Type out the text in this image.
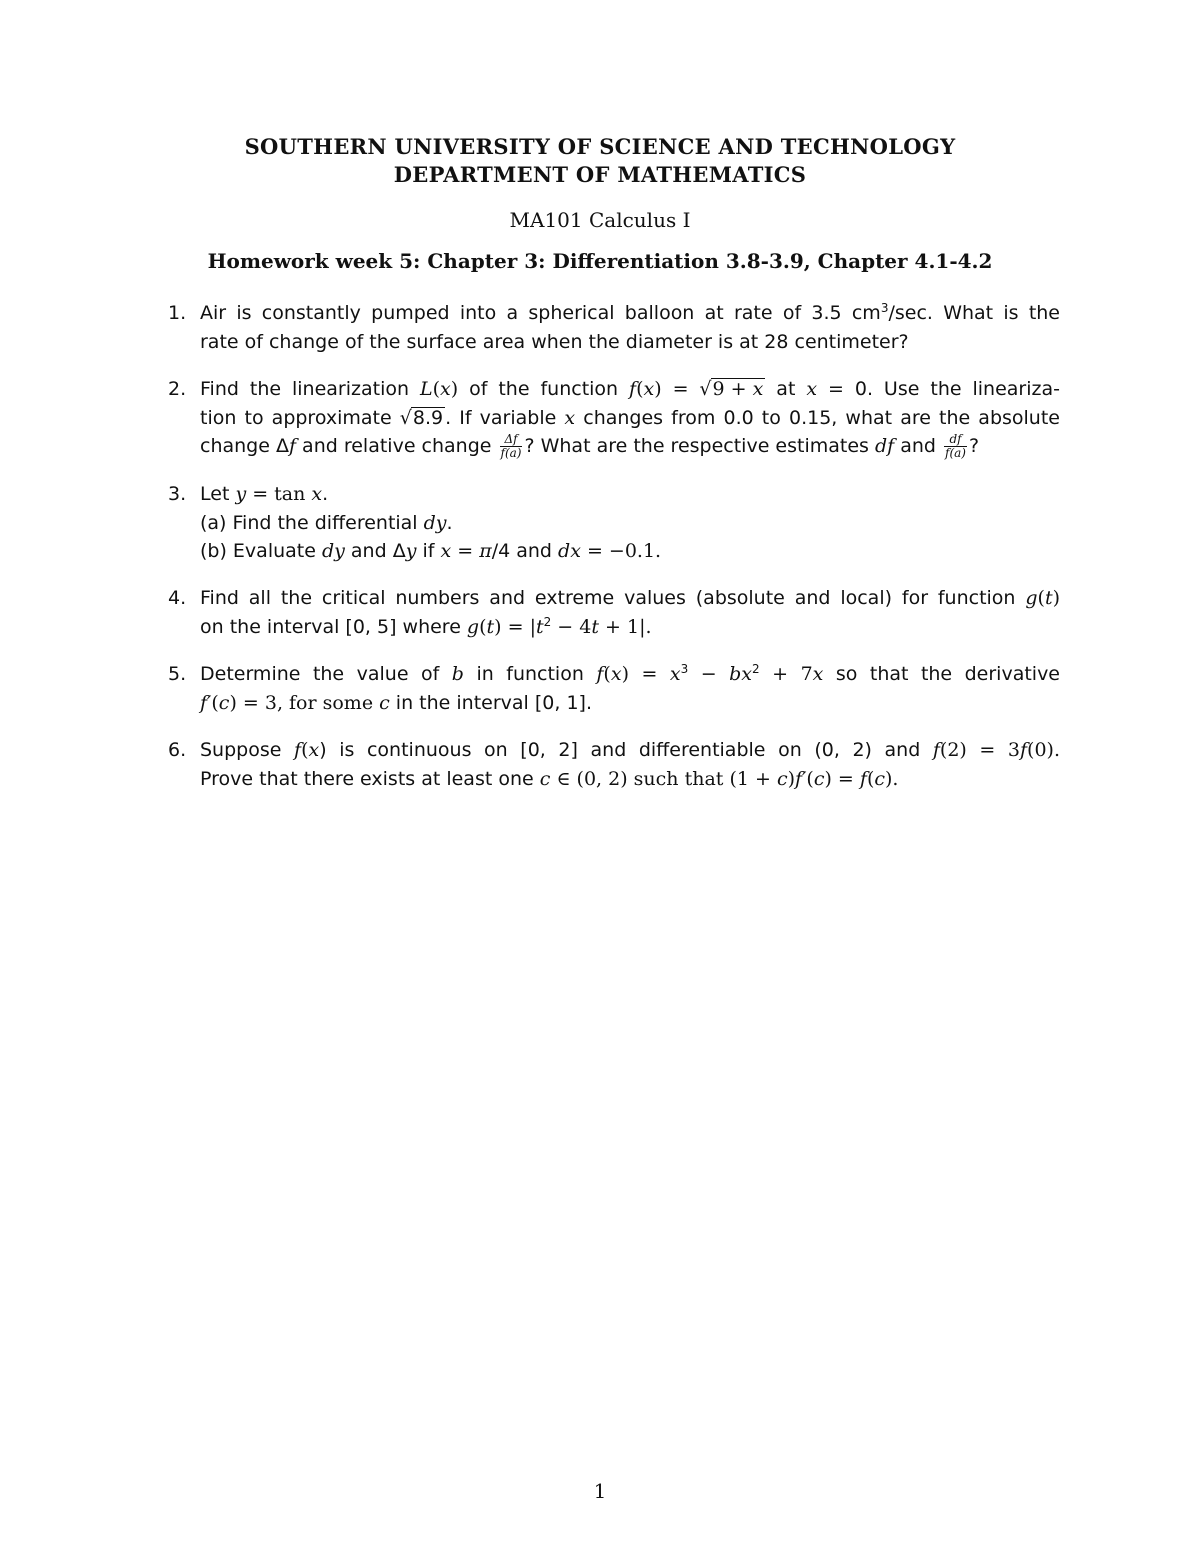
SOUTHERN UNIVERSITY OF SCIENCE AND TECHNOLOGY
DEPARTMENT OF MATHEMATICS
MA101 Calculus I
Homework week 5: Chapter 3: Differentiation 3.8-3.9, Chapter 4.1-4.2
1. Air is constantly pumped into a spherical balloon at rate of 3.5 $cm^3/\sec$. What is the
rate of change of the surface area when the diameter is at 28 centimeter?
2. Find the linearization L(x) of the function f(x) = √9 + x at x = 0. Use the lineariza-
tion to approximate √8.9 . If variable x changes from 0.0 to 0.15, what are the absolute
change Δf and relative change $\frac{\Delta f}{f(a)}$ ? What are the respective estimates df and $\frac{df}{f(a)}$ ?
3. Let y = tan x.
(a) Find the differential dy.
(b) Evaluate dy and Δy if x = π/4 and dx = −0.1.
4. Find all the critical numbers and extreme values (absolute and local) for function g(t)
on the interval [0, 5] where $g(t) = |t^2 - 4t + 1|$.
5. Determine the value of b in function $f(x) = x^3 - bx^2 + 7x$ so that the derivative
f′(c) = 3, for some c in the interval [0, 1].
6. Suppose f(x) is continuous on [0, 2] and differentiable on (0, 2) and f(2) = 3f(0).
Prove that there exists at least one c ∈ (0, 2) such that (1 + c)f′(c) = f(c).
1
